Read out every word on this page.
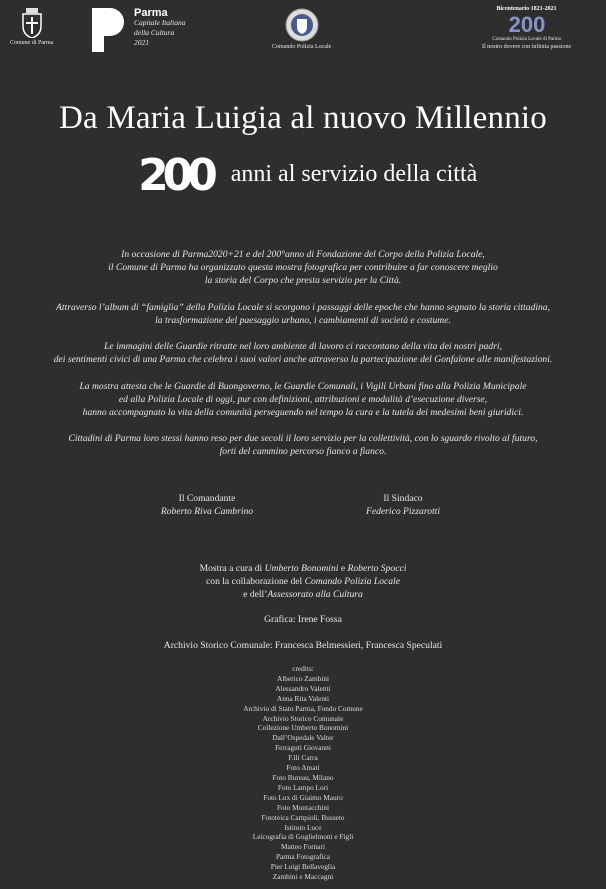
Comune di Parma
Parma
Capitale Italiana
della Cultura
2021	Comando Polizia Locale
Bicentenario 1821-2021
200
Comando Polizia Locale di Parma
Il nostro dovere con infinita passione
Da Maria Luigia al nuovo Millennio
200 anni al servizio della città

In occasione di Parma2020+21 e del 200°anno di Fondazione del Corpo della Polizia Locale,
il Comune di Parma ha organizzato questa mostra fotografica per contribuire a far conoscere meglio
la storia del Corpo che presta servizio per la Città.

Attraverso l’album di “famiglia” della Polizia Locale si scorgono i passaggi delle epoche che hanno segnato la storia cittadina,
la trasformazione del paesaggio urbano, i cambiamenti di società e costume.

Le immagini delle Guardie ritratte nel loro ambiente di lavoro ci raccontano della vita dei nostri padri,
dei sentimenti civici di una Parma che celebra i suoi valori anche attraverso la partecipazione del Gonfalone alle manifestazioni.

La mostra attesta che le Guardie di Buongoverno, le Guardie Comunali, i Vigili Urbani fino alla Polizia Municipale
ed alla Polizia Locale di oggi, pur con definizioni, attribuzioni e modalità d’esecuzione diverse,
hanno accompagnato la vita della comunità perseguendo nel tempo la cura e la tutela dei medesimi beni giuridici.

Cittadini di Parma loro stessi hanno reso per due secoli il loro servizio per la collettività, con lo sguardo rivolto al futuro,
forti del cammino percorso fianco a fianco.

Il Comandante
Roberto Riva Cambrino
Il Sindaco
Federico Pizzarotti
Mostra a cura di Umberto Bonomini e Roberto Spocci
con la collaborazione del Comando Polizia Locale
e dell’Assessorato alla Cultura
Grafica: Irene Fossa
Archivio Storico Comunale: Francesca Belmessieri, Francesca Speculati
credits:
Alberico Zambini
Alessandro Valenti
Anna Rita Valenti
Archivio di Stato Parma, Fondo Comune
Archivio Storico Comunale
Collezione Umberto Bonomini
Dall’Ospedale Valter
Ferraguti Giovanni
F.lli Carra
Foto Amati
Foto Bureau, Milano
Foto Lampo Lori
Foto Lux di Giaimo Mauro
Foto Montacchini
Fototeica Campioli, Busseto
Istituto Luce
Leicografia di Guglielmoni e Figli
Matteo Fornari
Parma Fotografica
Pier Luigi Bellaveglia
Zambini e Maccagni
